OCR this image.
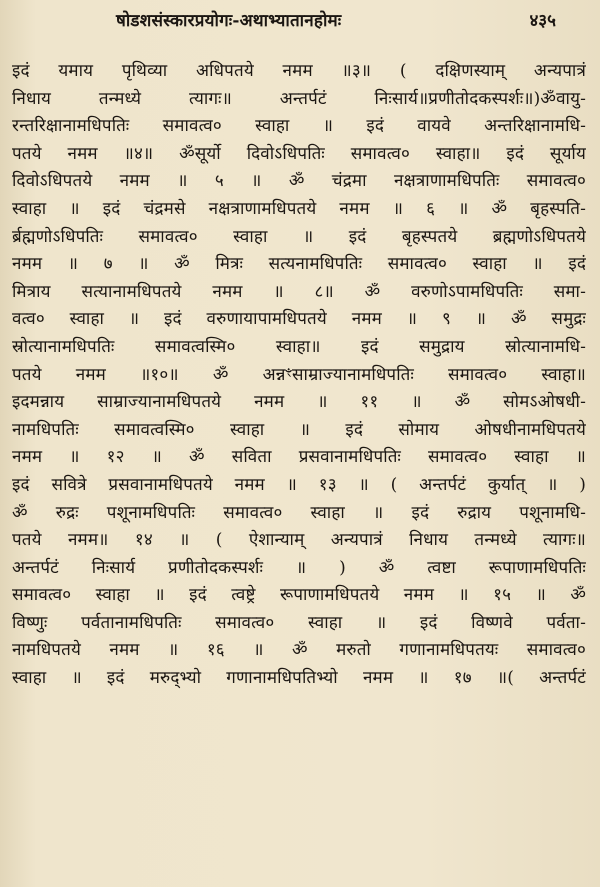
षोडशसंस्कारप्रयोगः-अथाभ्यातानहोमः	४३५
इदं यमाय पृथिव्या अधिपतये नमम ॥३॥ ( दक्षिणस्याम् अन्यपात्रं
निधाय तन्मध्ये त्यागः॥ अन्तर्पटं निःसार्य॥प्रणीतोदकस्पर्शः॥)ॐवायु-
रन्तरिक्षानामधिपतिः समावत्व० स्वाहा ॥ इदं वायवे अन्तरिक्षानामधि-
पतये नमम ॥४॥ ॐसूर्यो दिवोऽधिपतिः समावत्व० स्वाहा॥ इदं सूर्याय
दिवोऽधिपतये नमम ॥ ५ ॥ ॐ चंद्रमा नक्षत्राणामधिपतिः समावत्व०
स्वाहा ॥ इदं चंद्रमसे नक्षत्राणामधिपतये नमम ॥ ६ ॥ ॐ बृहस्पति-
र्ब्रह्मणोऽधिपतिः समावत्व० स्वाहा ॥ इदं बृहस्पतये ब्रह्मणोऽधिपतये
नमम ॥ ७ ॥ ॐ मित्रः सत्यनामधिपतिः समावत्व० स्वाहा ॥ इदं
मित्राय सत्यानामधिपतये नमम ॥ ८॥ ॐ वरुणोऽपामधिपतिः समा-
वत्व० स्वाहा ॥ इदं वरुणायापामधिपतये नमम ॥ ९ ॥ ॐ समुद्रः
स्रोत्यानामधिपतिः समावत्वस्मि० स्वाहा॥ इदं समुद्राय स्रोत्यानामधि-
पतये नमम ॥१०॥ ॐ अन्नꣳसाम्राज्यानामधिपतिः समावत्व० स्वाहा॥
इदमन्नाय साम्राज्यानामधिपतये नमम ॥ ११ ॥ ॐ सोमऽओषधी-
नामधिपतिः समावत्वस्मि० स्वाहा ॥ इदं सोमाय ओषधीनामधिपतये
नमम ॥ १२ ॥ ॐ सविता प्रसवानामधिपतिः समावत्व० स्वाहा ॥
इदं सवित्रे प्रसवानामधिपतये नमम ॥ १३ ॥ ( अन्तर्पटं कुर्यात् ॥ )
ॐ रुद्रः पशूनामधिपतिः समावत्व० स्वाहा ॥ इदं रुद्राय पशूनामधि-
पतये नमम॥ १४ ॥ ( ऐशान्याम् अन्यपात्रं निधाय तन्मध्ये त्यागः॥
अन्तर्पटं निःसार्य प्रणीतोदकस्पर्शः ॥ ) ॐ त्वष्टा रूपाणामधिपतिः
समावत्व० स्वाहा ॥ इदं त्वष्ट्रे रूपाणामधिपतये नमम ॥ १५ ॥ ॐ
विष्णुः पर्वतानामधिपतिः समावत्व० स्वाहा ॥ इदं विष्णवे पर्वता-
नामधिपतये नमम ॥ १६ ॥ ॐ मरुतो गणानामधिपतयः समावत्व०
स्वाहा ॥ इदं मरुद्भ्यो गणानामधिपतिभ्यो नमम ॥ १७ ॥( अन्तर्पटं
